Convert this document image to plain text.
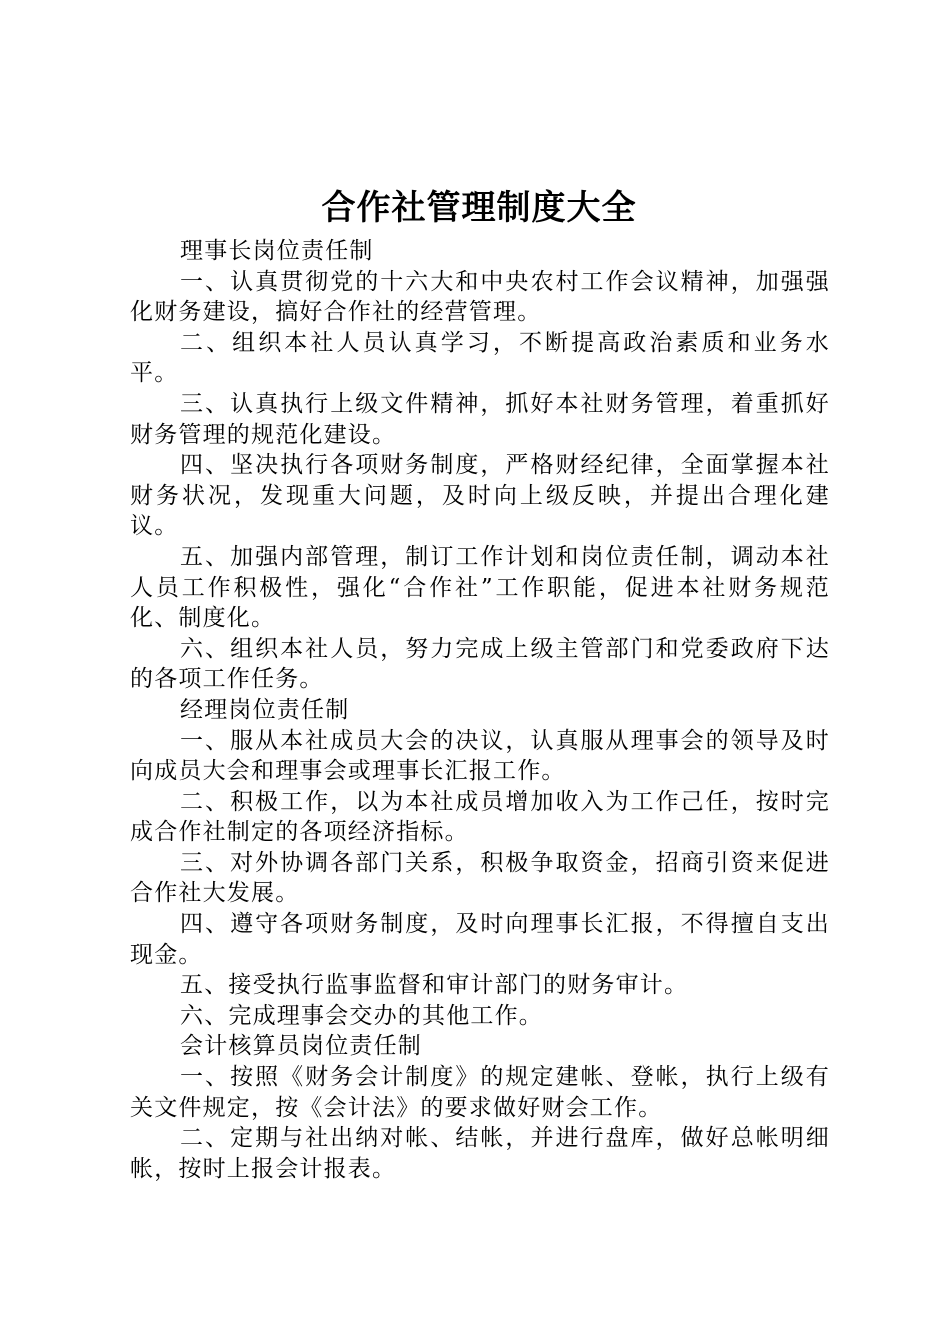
合作社管理制度大全

理事长岗位责任制

一、认真贯彻党的十六大和中央农村工作会议精神，加强强化财务建设，搞好合作社的经营管理。

二、组织本社人员认真学习，不断提高政治素质和业务水平。

三、认真执行上级文件精神，抓好本社财务管理，着重抓好财务管理的规范化建设。

四、坚决执行各项财务制度，严格财经纪律，全面掌握本社财务状况，发现重大问题，及时向上级反映，并提出合理化建议。

五、加强内部管理，制订工作计划和岗位责任制，调动本社人员工作积极性，强化“合作社”工作职能，促进本社财务规范化、制度化。

六、组织本社人员，努力完成上级主管部门和党委政府下达的各项工作任务。

经理岗位责任制

一、服从本社成员大会的决议，认真服从理事会的领导及时向成员大会和理事会或理事长汇报工作。

二、积极工作，以为本社成员增加收入为工作己任，按时完成合作社制定的各项经济指标。

三、对外协调各部门关系，积极争取资金，招商引资来促进合作社大发展。

四、遵守各项财务制度，及时向理事长汇报，不得擅自支出现金。

五、接受执行监事监督和审计部门的财务审计。

六、完成理事会交办的其他工作。

会计核算员岗位责任制

一、按照《财务会计制度》的规定建帐、登帐，执行上级有关文件规定，按《会计法》的要求做好财会工作。

二、定期与社出纳对帐、结帐，并进行盘库，做好总帐明细帐，按时上报会计报表。
